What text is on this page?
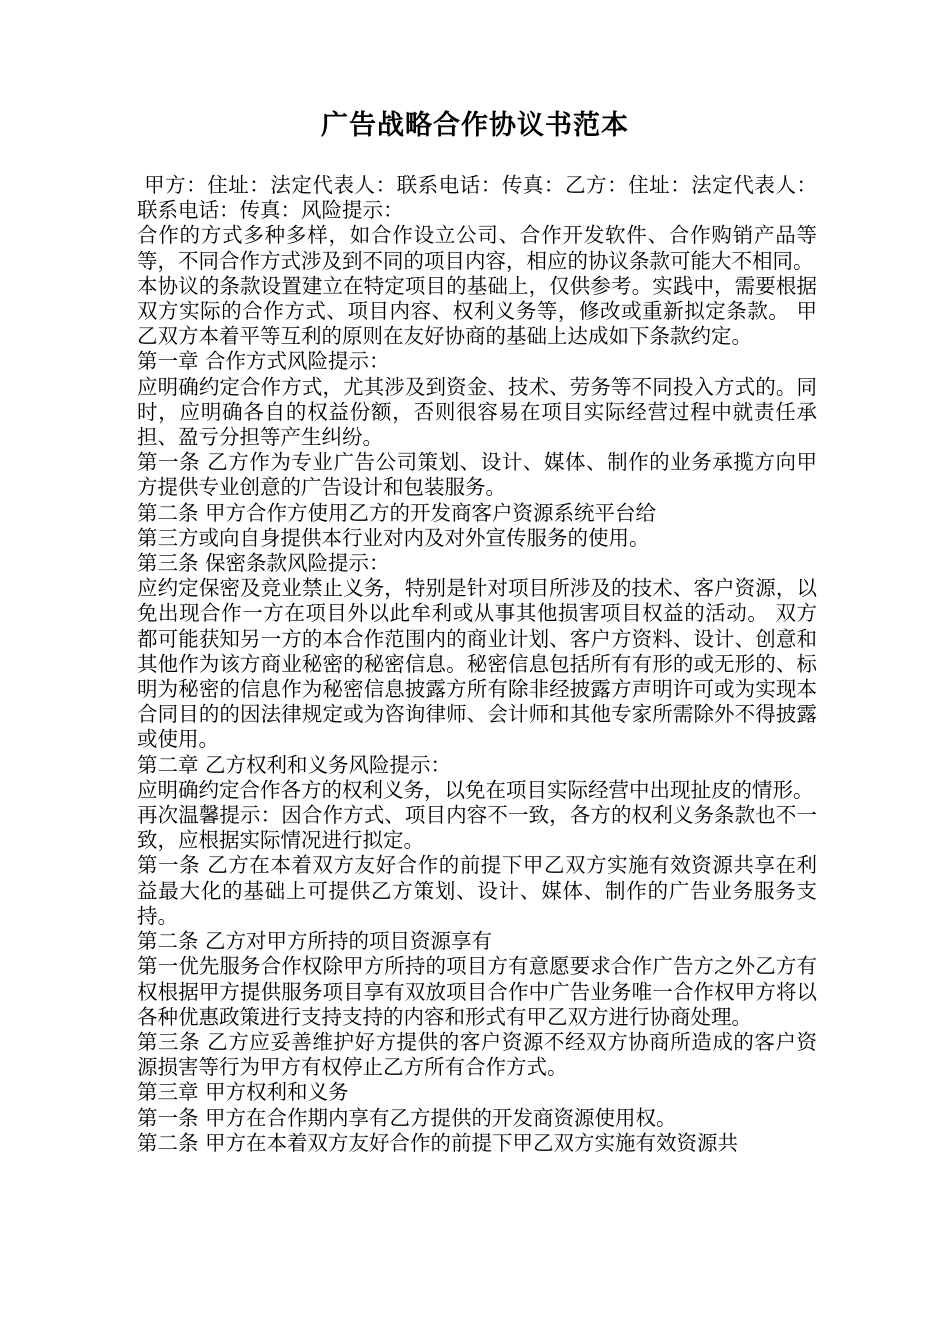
广告战略合作协议书范本

甲方：住址：法定代表人：联系电话：传真：乙方：住址：法定代表人：联系电话：传真：风险提示：

合作的方式多种多样，如合作设立公司、合作开发软件、合作购销产品等等，不同合作方式涉及到不同的项目内容，相应的协议条款可能大不相同。

本协议的条款设置建立在特定项目的基础上，仅供参考。实践中，需要根据双方实际的合作方式、项目内容、权利义务等，修改或重新拟定条款。 甲乙双方本着平等互利的原则在友好协商的基础上达成如下条款约定。

第一章 合作方式风险提示：

应明确约定合作方式，尤其涉及到资金、技术、劳务等不同投入方式的。同时，应明确各自的权益份额，否则很容易在项目实际经营过程中就责任承担、盈亏分担等产生纠纷。

第一条 乙方作为专业广告公司策划、设计、媒体、制作的业务承揽方向甲方提供专业创意的广告设计和包装服务。

第二条 甲方合作方使用乙方的开发商客户资源系统平台给

第三方或向自身提供本行业对内及对外宣传服务的使用。

第三条 保密条款风险提示：

应约定保密及竞业禁止义务，特别是针对项目所涉及的技术、客户资源，以免出现合作一方在项目外以此牟利或从事其他损害项目权益的活动。 双方都可能获知另一方的本合作范围内的商业计划、客户方资料、设计、创意和其他作为该方商业秘密的秘密信息。秘密信息包括所有有形的或无形的、标明为秘密的信息作为秘密信息披露方所有除非经披露方声明许可或为实现本合同目的的因法律规定或为咨询律师、会计师和其他专家所需除外不得披露或使用。

第二章 乙方权利和义务风险提示：

应明确约定合作各方的权利义务，以免在项目实际经营中出现扯皮的情形。

再次温馨提示：因合作方式、项目内容不一致，各方的权利义务条款也不一致，应根据实际情况进行拟定。

第一条 乙方在本着双方友好合作的前提下甲乙双方实施有效资源共享在利益最大化的基础上可提供乙方策划、设计、媒体、制作的广告业务服务支持。

第二条 乙方对甲方所持的项目资源享有

第一优先服务合作权除甲方所持的项目方有意愿要求合作广告方之外乙方有权根据甲方提供服务项目享有双放项目合作中广告业务唯一合作权甲方将以各种优惠政策进行支持支持的内容和形式有甲乙双方进行协商处理。

第三条 乙方应妥善维护好方提供的客户资源不经双方协商所造成的客户资源损害等行为甲方有权停止乙方所有合作方式。

第三章 甲方权利和义务

第一条 甲方在合作期内享有乙方提供的开发商资源使用权。

第二条 甲方在本着双方友好合作的前提下甲乙双方实施有效资源共
